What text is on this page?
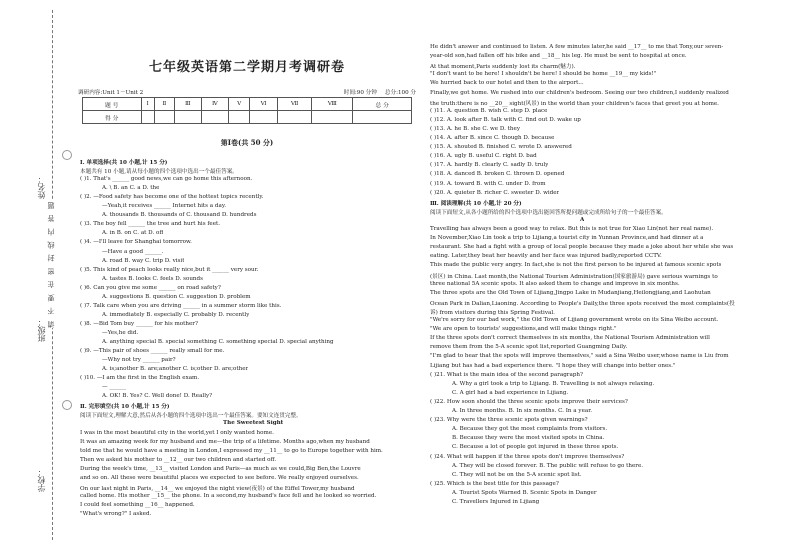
姓名：
班级：
学校：
请 不 要 在 密 封 线 内 答 题
七年级英语第二学期月考调研卷
调研内容:Unit 1－Unit 2	时间:90 分钟 总分:100 分
题 号	Ⅰ	Ⅱ	Ⅲ	Ⅳ	Ⅴ	Ⅵ	Ⅶ	Ⅷ	总 分
得 分									
第Ⅰ卷(共 50 分)
Ⅰ. 单项选择(共 10 小题,计 15 分)
本题共有 10 小题,请从每小题的四个选项中选出一个最佳答案。
( )1. That's ______ good news,we can go home this afternoon.
A. \ B. an C. a D. the
( )2. —Food safety has become one of the hottest topics recently.
—Yeah,it receives ______ Internet hits a day.
A. thousands B. thousands of C. thousand D. hundreds
( )3. The boy fell ______ the tree and hurt his feet.
A. in B. on C. at D. off
( )4. —I'll leave for Shanghai tomorrow.
—Have a good ______.
A. road B. way C. trip D. visit
( )5. This kind of peach looks really nice,but it ______ very sour.
A. tastes B. looks C. feels D. sounds
( )6. Can you give me some ______ on road safety?
A. suggestions B. question C. suggestion D. problem
( )7. Talk care when you are driving ______ in a summer storm like this.
A. immediately B. especially C. probably D. recently
( )8. —Bid Tom buy ______ for his mother?
—Yes,he did.
A. anything special B. special something C. something special D. special anything
( )9. —This pair of shoes ______ really small for me.
—Why not try ______ pair?
A. is;another B. are;another C. is;other D. are;other
( )10. —I am the first in the English exam.
— ______
A. OK! B. Yes? C. Well done! D. Really?
Ⅱ. 完形填空(共 10 小题,计 15 分)
阅读下面短文,理解大意,然后从各小题的四个选项中选出一个最佳答案。要知文连贯完整。
The Sweetest Sight
I was in the most beautiful city in the world,yet I only wanted home.
It was an amazing week for my husband and me—the trip of a lifetime. Months ago,when my husband
told me that he would have a meeting in London,I expressed my __11__ to go to Europe together with him.
Then we asked his mother to __12__ our two children and started off.
During the week's time, __13__ visited London and Paris—as much as we could,Big Ben,the Louvre
and so on. All these were beautiful places we expected to see before. We really enjoyed ourselves.
On our last night in Paris, __14__ we enjoyed the night view(夜景) of the Eiffel Tower,my husband
called home. His mother __15__ the phone. In a second,my husband's face fell and he looked so worried.
I could feel something __16__ happened.
"What's wrong?" I asked.
He didn't answer and continued to listen. A few minutes later,he said __17__ to me that Tony,our seven-
year-old son,had fallen off his bike and __18__ his leg. He must be sent to hospital at once.
At that moment,Paris suddenly lost its charm(魅力).
"I don't want to be here! I shouldn't be here! I should be home __19__ my kids!"
We hurried back to our hotel and then to the airport...
Finally,we got home. We rushed into our children's bedroom. Seeing our two children,I suddenly realized
the truth:there is no __20__ sight(风景) in the world than your children's faces that greet you at home.
( )11. A. question B. wish C. step D. place
( )12. A. look after B. talk with C. find out D. wake up
( )13. A. he B. she C. we D. they
( )14. A. after B. since C. though D. because
( )15. A. shouted B. finished C. wrote D. answered
( )16. A. ugly B. useful C. right D. bad
( )17. A. hardly B. clearly C. sadly D. truly
( )18. A. danced B. broken C. thrown D. opened
( )19. A. toward B. with C. under D. from
( )20. A. quieter B. richer C. sweeter D. wider
Ⅲ. 阅读理解(共 10 小题,计 20 分)
阅读下面短文,从各小题所给的四个选项中选出能回答所提问题或完成所给句子的一个最佳答案。
A
Travelling has always been a good way to relax. But this is not true for Xiao Lin(not her real name).
In November,Xiao Lin took a trip to Lijiang,a tourist city in Yunnan Province,and had dinner at a
restaurant. She had a fight with a group of local people because they made a joke about her while she was
eating. Later,they beat her heavily and her face was injured badly,reported CCTV.
This made the public very angry. In fact,she is not the first person to be injured at famous scenic spots
(景区) in China. Last month,the National Tourism Administration(国家旅游局) gave serious warnings to
three national 5A scenic spots. It also asked them to change and improve in six months.
The three spots are the Old Town of Lijiang,Jingpo Lake in Mudanjiang,Heilongjiang,and Laohutan
Ocean Park in Dalian,Liaoning. According to People's Daily,the three spots received the most complaints(投
诉) from visitors during this Spring Festival.
"We're sorry for our bad work," the Old Town of Lijiang government wrote on its Sina Weibo account.
"We are open to tourists' suggestions,and will make things right."
If the three spots don't correct themselves in six months, the National Tourism Administration will
remove them from the 5-A scenic spot list,reported Guangming Daily.
"I'm glad to hear that the spots will improve themselves," said a Sina Weibo user,whose name is Liu from
Lijiang but has had a bad experience there. "I hope they will change into better ones."
( )21. What is the main idea of the second paragraph?
A. Why a girl took a trip to Lijiang. B. Travelling is not always relaxing.
C. A girl had a bad experience in Lijiang.
( )22. How soon should the three scenic spots improve their services?
A. In three months. B. In six months. C. In a year.
( )23. Why were the three scenic spots given warnings?
A. Because they got the most complaints from visitors.
B. Because they were the most visited spots in China.
C. Because a lot of people got injured in these three spots.
( )24. What will happen if the three spots don't improve themselves?
A. They will be closed forever. B. The public will refuse to go there.
C. They will not be on the 5-A scenic spot list.
( )25. Which is the best title for this passage?
A. Tourist Spots Warned B. Scenic Spots in Danger
C. Travellers Injured in Lijiang
